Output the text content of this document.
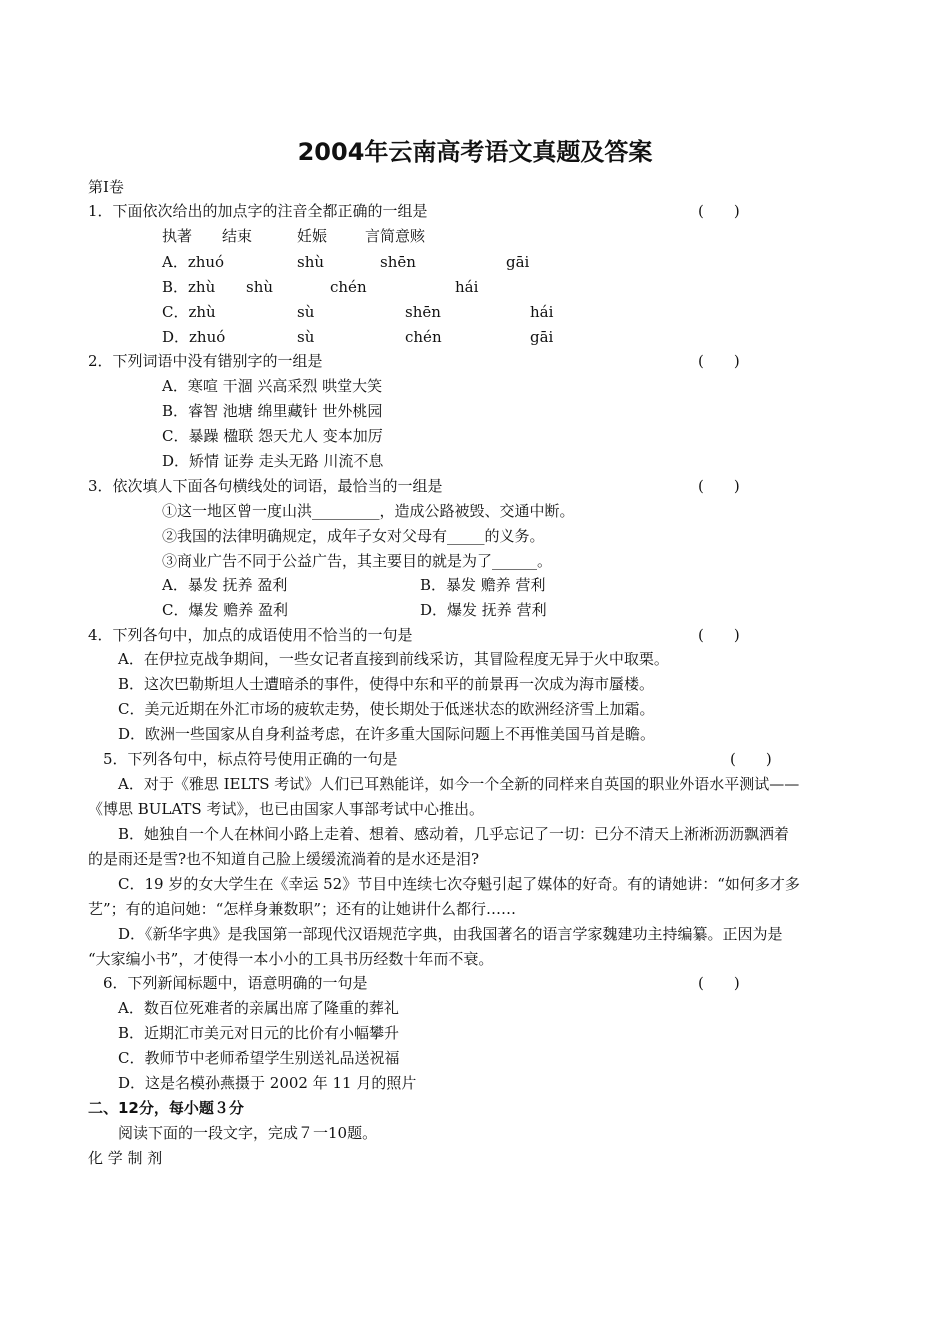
2004年云南高考语文真题及答案
第Ⅰ卷
1．下面依次给出的加点字的注音全都正确的一组是	(　　)
执著 结束	妊娠	言简意赅
A．zhuó	shù	shēn	gāi
B．zhù shù	chén	hái
C．zhù	sù	shēn	hái
D．zhuó	sù	chén	gāi
2．下列词语中没有错别字的一组是	(　　)
A．寒喧 干涸 兴高采烈 哄堂大笑
B．睿智 池塘 绵里藏针 世外桃园
C．暴躁 楹联 怨天尤人 变本加厉
D．矫情 证券 走头无路 川流不息
3．依次填人下面各句横线处的词语，最恰当的一组是	(　　)
①这一地区曾一度山洪_________，造成公路被毁、交通中断。
②我国的法律明确规定，成年子女对父母有_____的义务。
③商业广告不同于公益广告，其主要目的就是为了______。
A．暴发 抚养 盈利	B．暴发 赡养 营利
C．爆发 赡养 盈利	D．爆发 抚养 营利
4．下列各句中，加点的成语使用不恰当的一句是	(　　)
A．在伊拉克战争期间，一些女记者直接到前线采访，其冒险程度无异于火中取栗。
B．这次巴勒斯坦人士遭暗杀的事件，使得中东和平的前景再一次成为海市蜃楼。
C．美元近期在外汇市场的疲软走势，使长期处于低迷状态的欧洲经济雪上加霜。
D．欧洲一些国家从自身利益考虑，在许多重大国际问题上不再惟美国马首是瞻。
5．下列各句中，标点符号使用正确的一句是	(　　)
A．对于《雅思 IELTS 考试》人们已耳熟能详，如今一个全新的同样来自英国的职业外语水平测试——
《博思 BULATS 考试》，也已由国家人事部考试中心推出。
B．她独自一个人在林间小路上走着、想着、感动着，几乎忘记了一切：已分不清天上淅淅沥沥飘洒着
的是雨还是雪?也不知道自己脸上缓缓流淌着的是水还是泪?
C．19 岁的女大学生在《幸运 52》节目中连续七次夺魁引起了媒体的好奇。有的请她讲：“如何多才多
艺”；有的追问她：“怎样身兼数职”；还有的让她讲什么都行……
D．《新华字典》是我国第一部现代汉语规范字典，由我国著名的语言学家魏建功主持编纂。正因为是
“大家编小书”，才使得一本小小的工具书历经数十年而不衰。
6．下列新闻标题中，语意明确的一句是	(　　)
A．数百位死难者的亲属出席了隆重的葬礼
B．近期汇市美元对日元的比价有小幅攀升
C．教师节中老师希望学生别送礼品送祝福
D．这是名模孙燕摄于 2002 年 11 月的照片
二、12分，每小题３分
阅读下面的一段文字，完成７一10题。
化 学 制 剂
